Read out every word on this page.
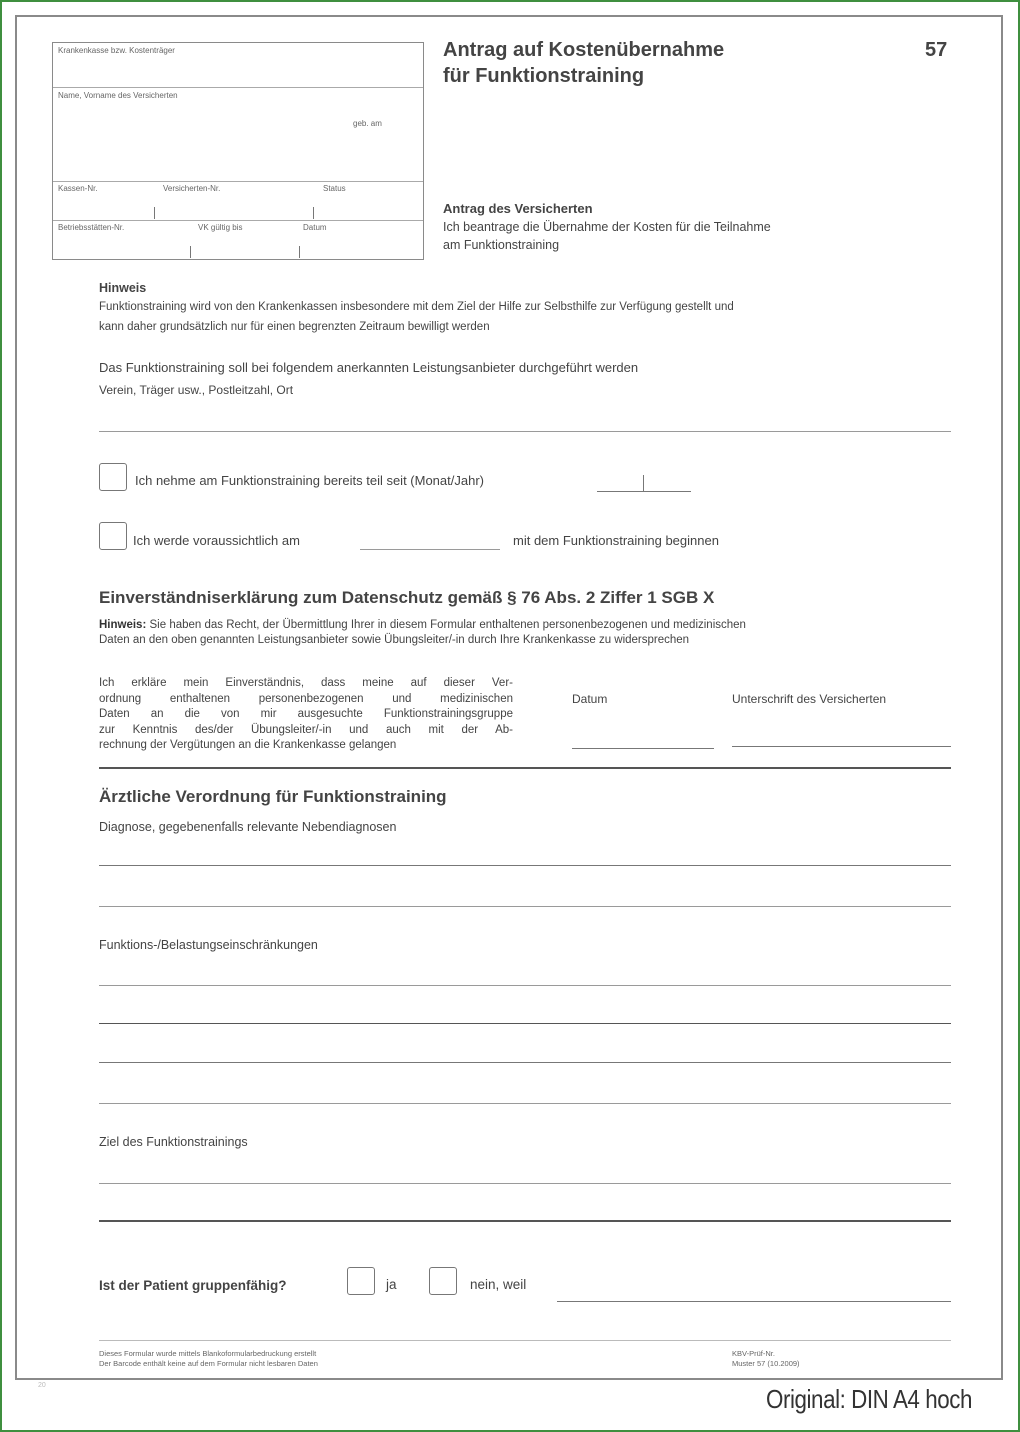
Krankenkasse bzw. Kostenträger
Name, Vorname des Versicherten
geb. am
Kassen-Nr.	Versicherten-Nr.	Status
Betriebsstätten-Nr.	VK gültig bis	Datum
Antrag auf Kostenübernahme
für Funktionstraining
57
Antrag des Versicherten
Ich beantrage die Übernahme der Kosten für die Teilnahme
am Funktionstraining
Hinweis
Funktionstraining wird von den Krankenkassen insbesondere mit dem Ziel der Hilfe zur Selbsthilfe zur Verfügung gestellt und
kann daher grundsätzlich nur für einen begrenzten Zeitraum bewilligt werden
Das Funktionstraining soll bei folgendem anerkannten Leistungsanbieter durchgeführt werden
Verein, Träger usw., Postleitzahl, Ort
Ich nehme am Funktionstraining bereits teil seit (Monat/Jahr)
Ich werde voraussichtlich am	mit dem Funktionstraining beginnen
Einverständniserklärung zum Datenschutz gemäß § 76 Abs. 2 Ziffer 1 SGB X
Hinweis: Sie haben das Recht, der Übermittlung Ihrer in diesem Formular enthaltenen personenbezogenen und medizinischen
Daten an den oben genannten Leistungsanbieter sowie Übungsleiter/-in durch Ihre Krankenkasse zu widersprechen
Ich erkläre mein Einverständnis, dass meine auf dieser Ver-
ordnung enthaltenen personenbezogenen und medizinischen
Daten an die von mir ausgesuchte Funktionstrainingsgruppe
zur Kenntnis des/der Übungsleiter/-in und auch mit der Ab-
rechnung der Vergütungen an die Krankenkasse gelangen
Datum	Unterschrift des Versicherten
Ärztliche Verordnung für Funktionstraining
Diagnose, gegebenenfalls relevante Nebendiagnosen
Funktions-/Belastungseinschränkungen
Ziel des Funktionstrainings
Ist der Patient gruppenfähig?	ja	nein, weil
Dieses Formular wurde mittels Blankoformularbedruckung erstellt
Der Barcode enthält keine auf dem Formular nicht lesbaren Daten
KBV-Prüf-Nr.
Muster 57 (10.2009)
20	Original: DIN A4 hoch
